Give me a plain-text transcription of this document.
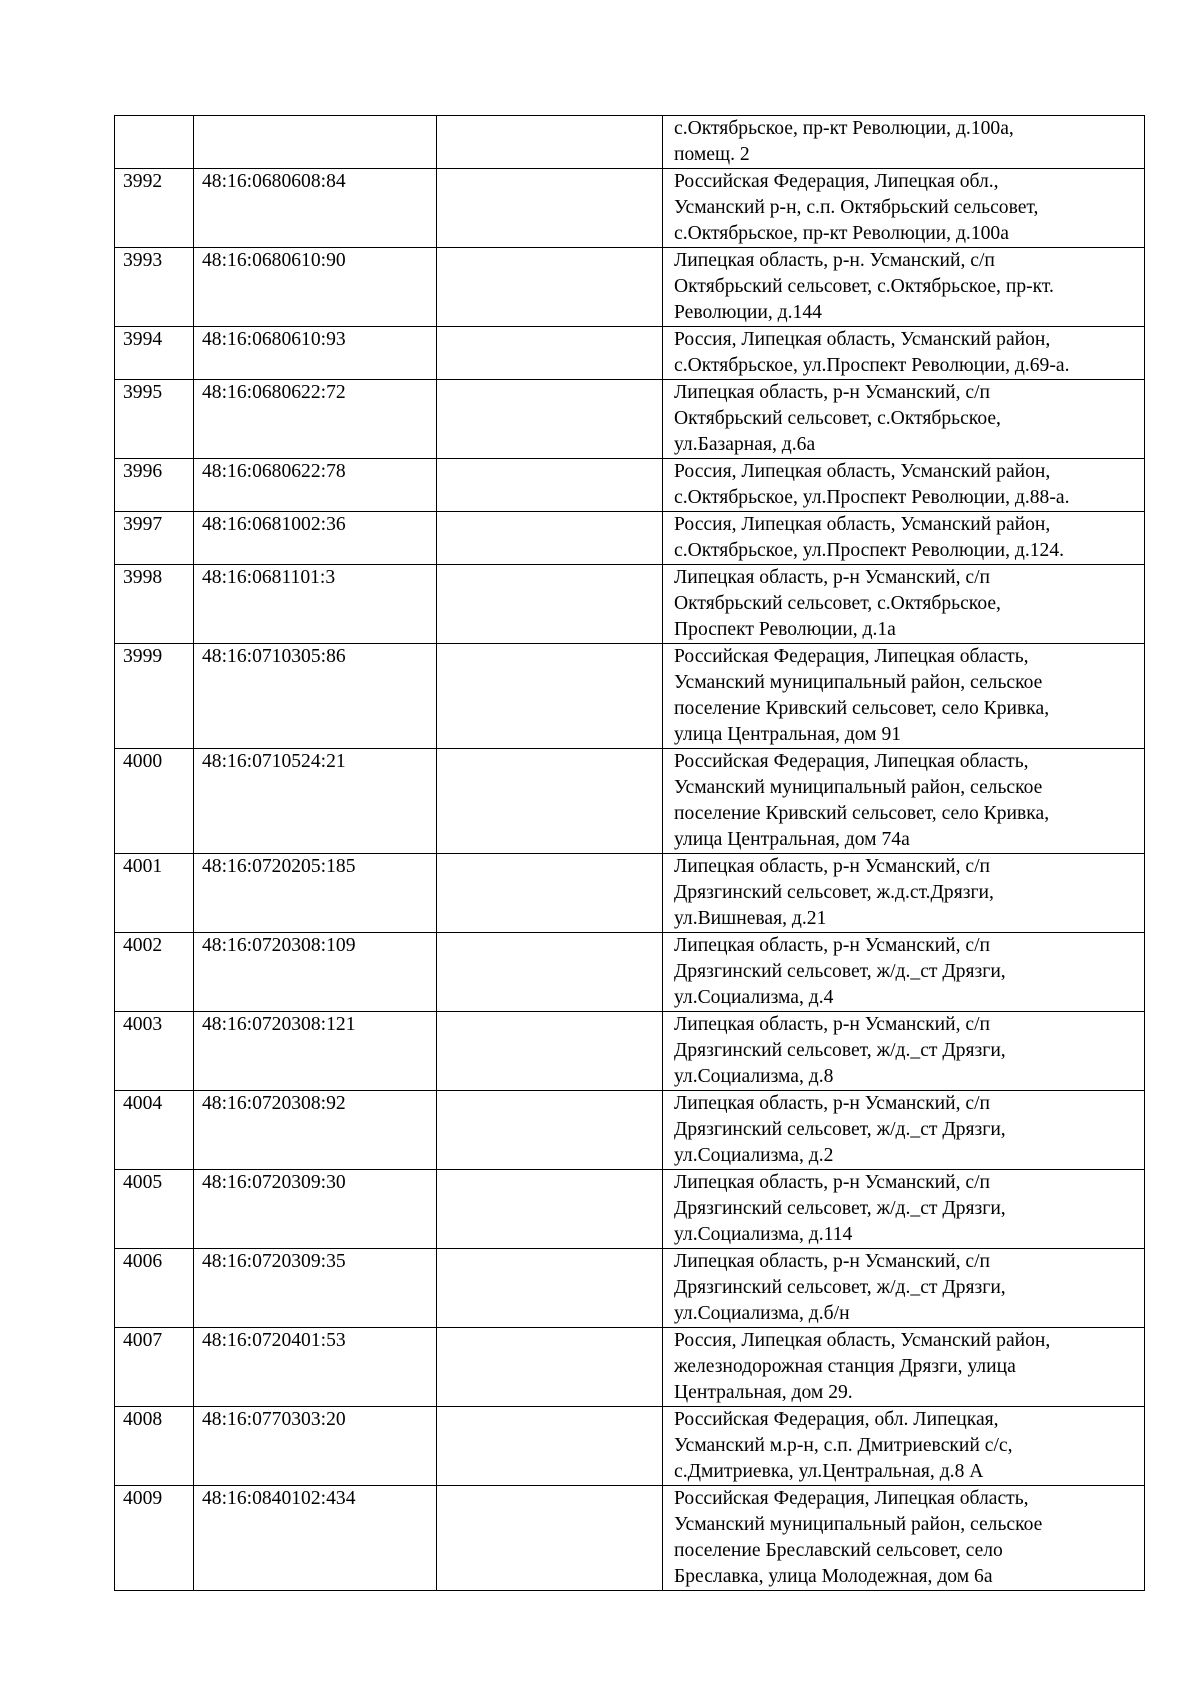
			с.Октябрьское, пр-кт Революции, д.100а,
помещ. 2

3992	48:16:0680608:84		Российская Федерация, Липецкая обл.,
Усманский р-н, с.п. Октябрьский сельсовет,
с.Октябрьское, пр-кт Революции, д.100а

3993	48:16:0680610:90		Липецкая область, р-н. Усманский, с/п
Октябрьский сельсовет, с.Октябрьское, пр-кт.
Революции, д.144

3994	48:16:0680610:93		Россия, Липецкая область, Усманский район,
с.Октябрьское, ул.Проспект Революции, д.69-а.

3995	48:16:0680622:72		Липецкая область, р-н Усманский, с/п
Октябрьский сельсовет, с.Октябрьское,
ул.Базарная, д.6а

3996	48:16:0680622:78		Россия, Липецкая область, Усманский район,
с.Октябрьское, ул.Проспект Революции, д.88-а.

3997	48:16:0681002:36		Россия, Липецкая область, Усманский район,
с.Октябрьское, ул.Проспект Революции, д.124.

3998	48:16:0681101:3		Липецкая область, р-н Усманский, с/п
Октябрьский сельсовет, с.Октябрьское,
Проспект Революции, д.1а

3999	48:16:0710305:86		Российская Федерация, Липецкая область,
Усманский муниципальный район, сельское
поселение Кривский сельсовет, село Кривка,
улица Центральная, дом 91

4000	48:16:0710524:21		Российская Федерация, Липецкая область,
Усманский муниципальный район, сельское
поселение Кривский сельсовет, село Кривка,
улица Центральная, дом 74а

4001	48:16:0720205:185		Липецкая область, р-н Усманский, с/п
Дрязгинский сельсовет, ж.д.ст.Дрязги,
ул.Вишневая, д.21

4002	48:16:0720308:109		Липецкая область, р-н Усманский, с/п
Дрязгинский сельсовет, ж/д._ст Дрязги,
ул.Социализма, д.4

4003	48:16:0720308:121		Липецкая область, р-н Усманский, с/п
Дрязгинский сельсовет, ж/д._ст Дрязги,
ул.Социализма, д.8

4004	48:16:0720308:92		Липецкая область, р-н Усманский, с/п
Дрязгинский сельсовет, ж/д._ст Дрязги,
ул.Социализма, д.2

4005	48:16:0720309:30		Липецкая область, р-н Усманский, с/п
Дрязгинский сельсовет, ж/д._ст Дрязги,
ул.Социализма, д.114

4006	48:16:0720309:35		Липецкая область, р-н Усманский, с/п
Дрязгинский сельсовет, ж/д._ст Дрязги,
ул.Социализма, д.б/н

4007	48:16:0720401:53		Россия, Липецкая область, Усманский район,
железнодорожная станция Дрязги, улица
Центральная, дом 29.

4008	48:16:0770303:20		Российская Федерация, обл. Липецкая,
Усманский м.р-н, с.п. Дмитриевский с/с,
с.Дмитриевка, ул.Центральная, д.8 А

4009	48:16:0840102:434		Российская Федерация, Липецкая область,
Усманский муниципальный район, сельское
поселение Бреславский сельсовет, село
Бреславка, улица Молодежная, дом 6а
